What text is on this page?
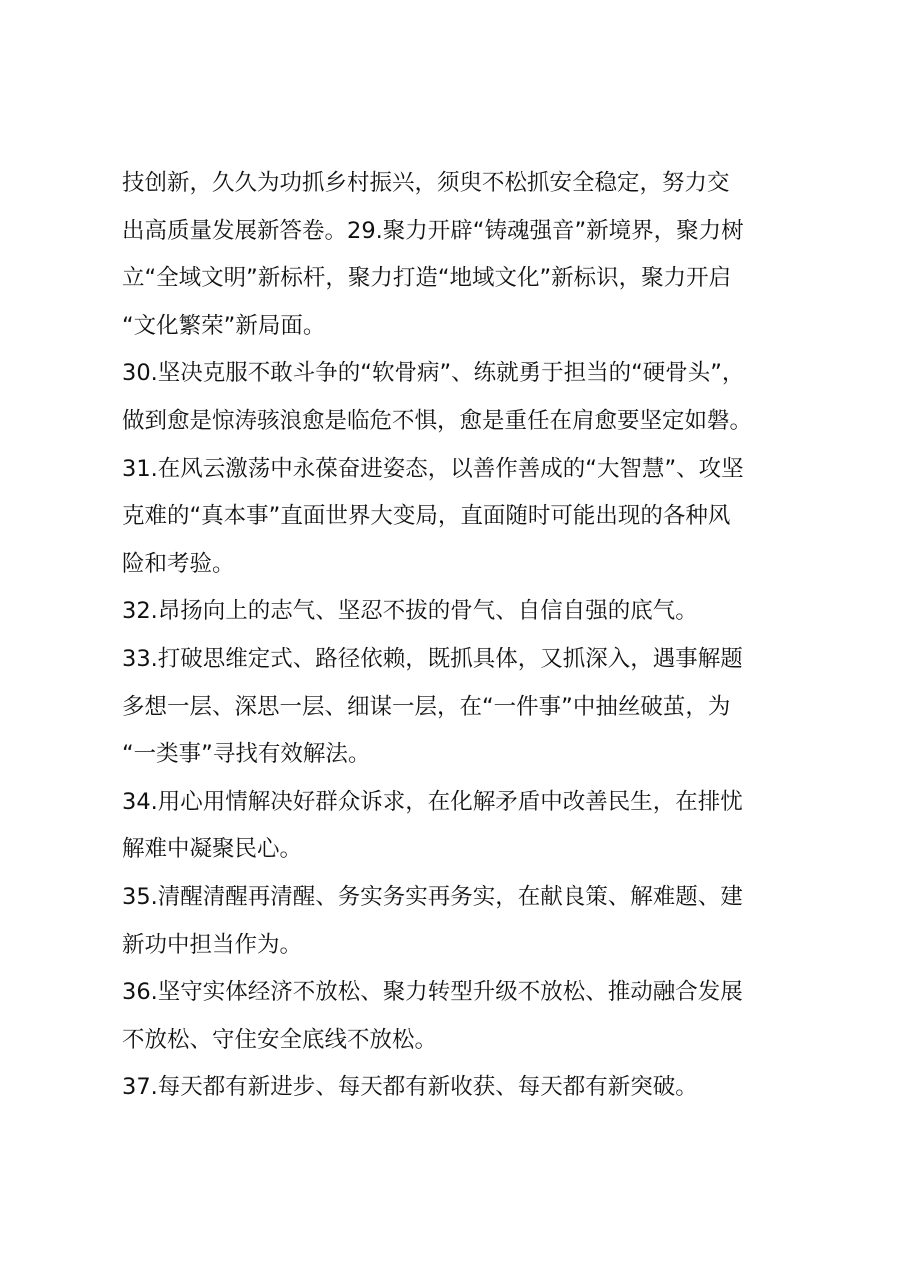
技创新，久久为功抓乡村振兴，须臾不松抓安全稳定，努力交
出高质量发展新答卷。29.聚力开辟“铸魂强音”新境界，聚力树
立“全域文明”新标杆，聚力打造“地域文化”新标识，聚力开启
“文化繁荣”新局面。
30.坚决克服不敢斗争的“软骨病”、练就勇于担当的“硬骨头”，
做到愈是惊涛骇浪愈是临危不惧，愈是重任在肩愈要坚定如磐。
31.在风云激荡中永葆奋进姿态，以善作善成的“大智慧”、攻坚
克难的“真本事”直面世界大变局，直面随时可能出现的各种风
险和考验。
32.昂扬向上的志气、坚忍不拔的骨气、自信自强的底气。
33.打破思维定式、路径依赖，既抓具体，又抓深入，遇事解题
多想一层、深思一层、细谋一层，在“一件事”中抽丝破茧，为
“一类事”寻找有效解法。
34.用心用情解决好群众诉求，在化解矛盾中改善民生，在排忧
解难中凝聚民心。
35.清醒清醒再清醒、务实务实再务实，在献良策、解难题、建
新功中担当作为。
36.坚守实体经济不放松、聚力转型升级不放松、推动融合发展
不放松、守住安全底线不放松。
37.每天都有新进步、每天都有新收获、每天都有新突破。
